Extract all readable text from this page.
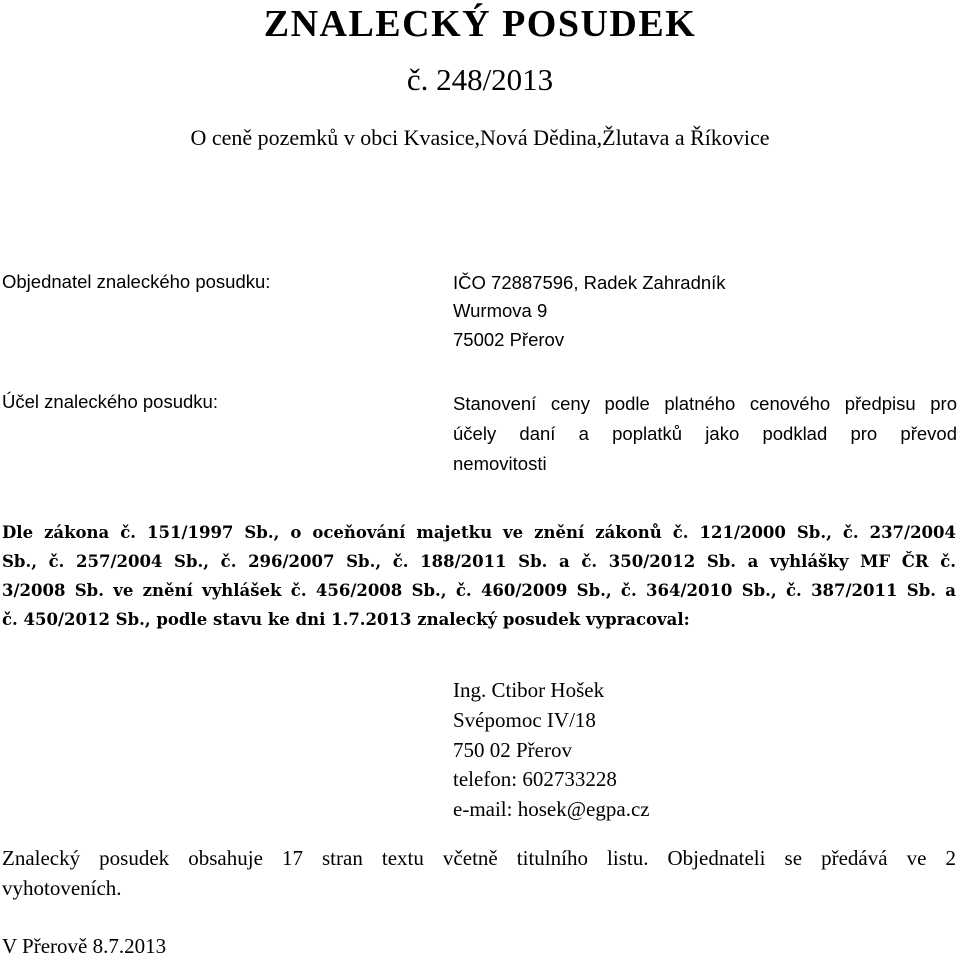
ZNALECKÝ POSUDEK
č. 248/2013
O ceně pozemků v obci Kvasice,Nová Dědina,Žlutava a Říkovice
Objednatel znaleckého posudku:	IČO 72887596, Radek Zahradník
Wurmova 9
75002 Přerov
Účel znaleckého posudku:	Stanovení ceny podle platného cenového předpisu pro
účely daní a poplatků jako podklad pro převod
nemovitosti
Dle zákona č. 151/1997 Sb., o oceňování majetku ve znění zákonů č. 121/2000 Sb., č. 237/2004
Sb., č. 257/2004 Sb., č. 296/2007 Sb., č. 188/2011 Sb. a č. 350/2012 Sb. a vyhlášky MF ČR č.
3/2008 Sb. ve znění vyhlášek č. 456/2008 Sb., č. 460/2009 Sb., č. 364/2010 Sb., č. 387/2011 Sb. a
č. 450/2012 Sb., podle stavu ke dni 1.7.2013 znalecký posudek vypracoval:
Ing. Ctibor Hošek
Svépomoc IV/18
750 02 Přerov
telefon: 602733228
e-mail: hosek@egpa.cz
Znalecký posudek obsahuje 17 stran textu včetně titulního listu. Objednateli se předává ve 2
vyhotoveních.
V Přerově 8.7.2013
